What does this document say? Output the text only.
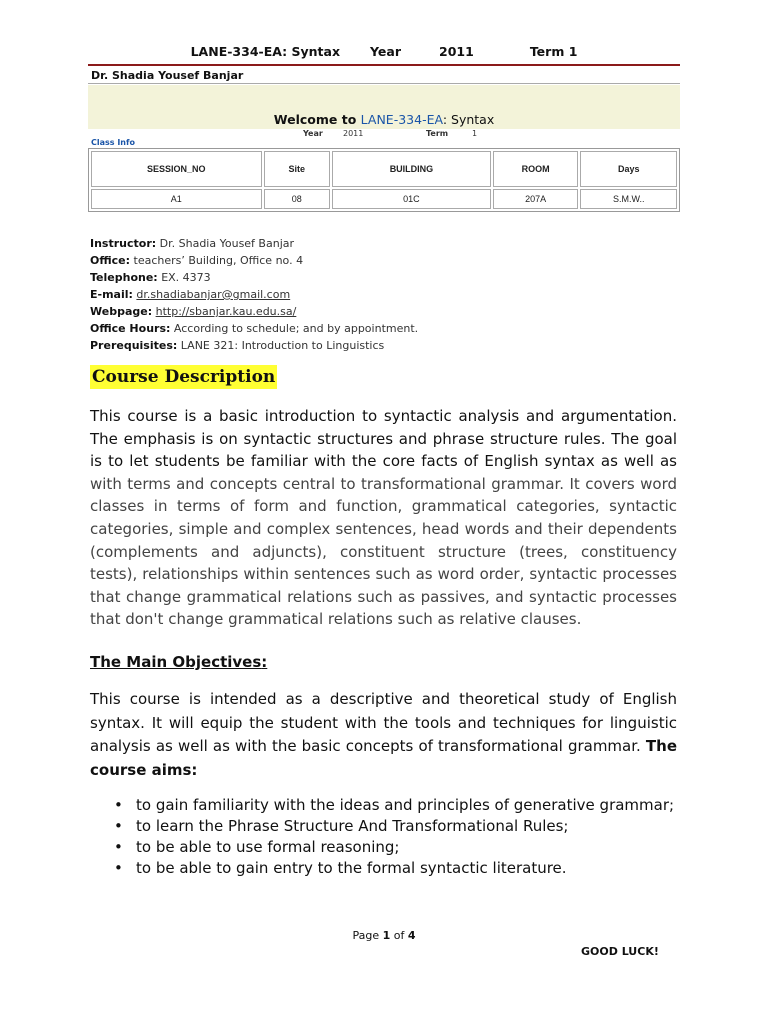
LANE-334-EA: Syntax Year	2011	Term 1
Dr. Shadia Yousef Banjar
Welcome to LANE-334-EA: Syntax
Year	2011	Term	1
Class Info
SESSION_NO	Site	BUILDING	ROOM	Days
A1	08	01C	207A	S.M.W..
Instructor: Dr. Shadia Yousef Banjar
Office: teachers’ Building, Office no. 4
Telephone: EX. 4373
E-mail: dr.shadiabanjar@gmail.com
Webpage: http://sbanjar.kau.edu.sa/
Office Hours: According to schedule; and by appointment.
Prerequisites: LANE 321: Introduction to Linguistics
Course Description
This course is a basic introduction to syntactic analysis and argumentation. The emphasis is on syntactic structures and phrase structure rules. The goal is to let students be familiar with the core facts of English syntax as well as with terms and concepts central to transformational grammar. It covers word classes in terms of form and function, grammatical categories, syntactic categories, simple and complex sentences, head words and their dependents (complements and adjuncts), constituent structure (trees, constituency tests), relationships within sentences such as word order, syntactic processes that change grammatical relations such as passives, and syntactic processes that don't change grammatical relations such as relative clauses.
The Main Objectives:
This course is intended as a descriptive and theoretical study of English syntax. It will equip the student with the tools and techniques for linguistic analysis as well as with the basic concepts of transformational grammar. The course aims:
• to gain familiarity with the ideas and principles of generative grammar;
• to learn the Phrase Structure And Transformational Rules;
• to be able to use formal reasoning;
• to be able to gain entry to the formal syntactic literature.
Page 1 of 4
GOOD LUCK!
